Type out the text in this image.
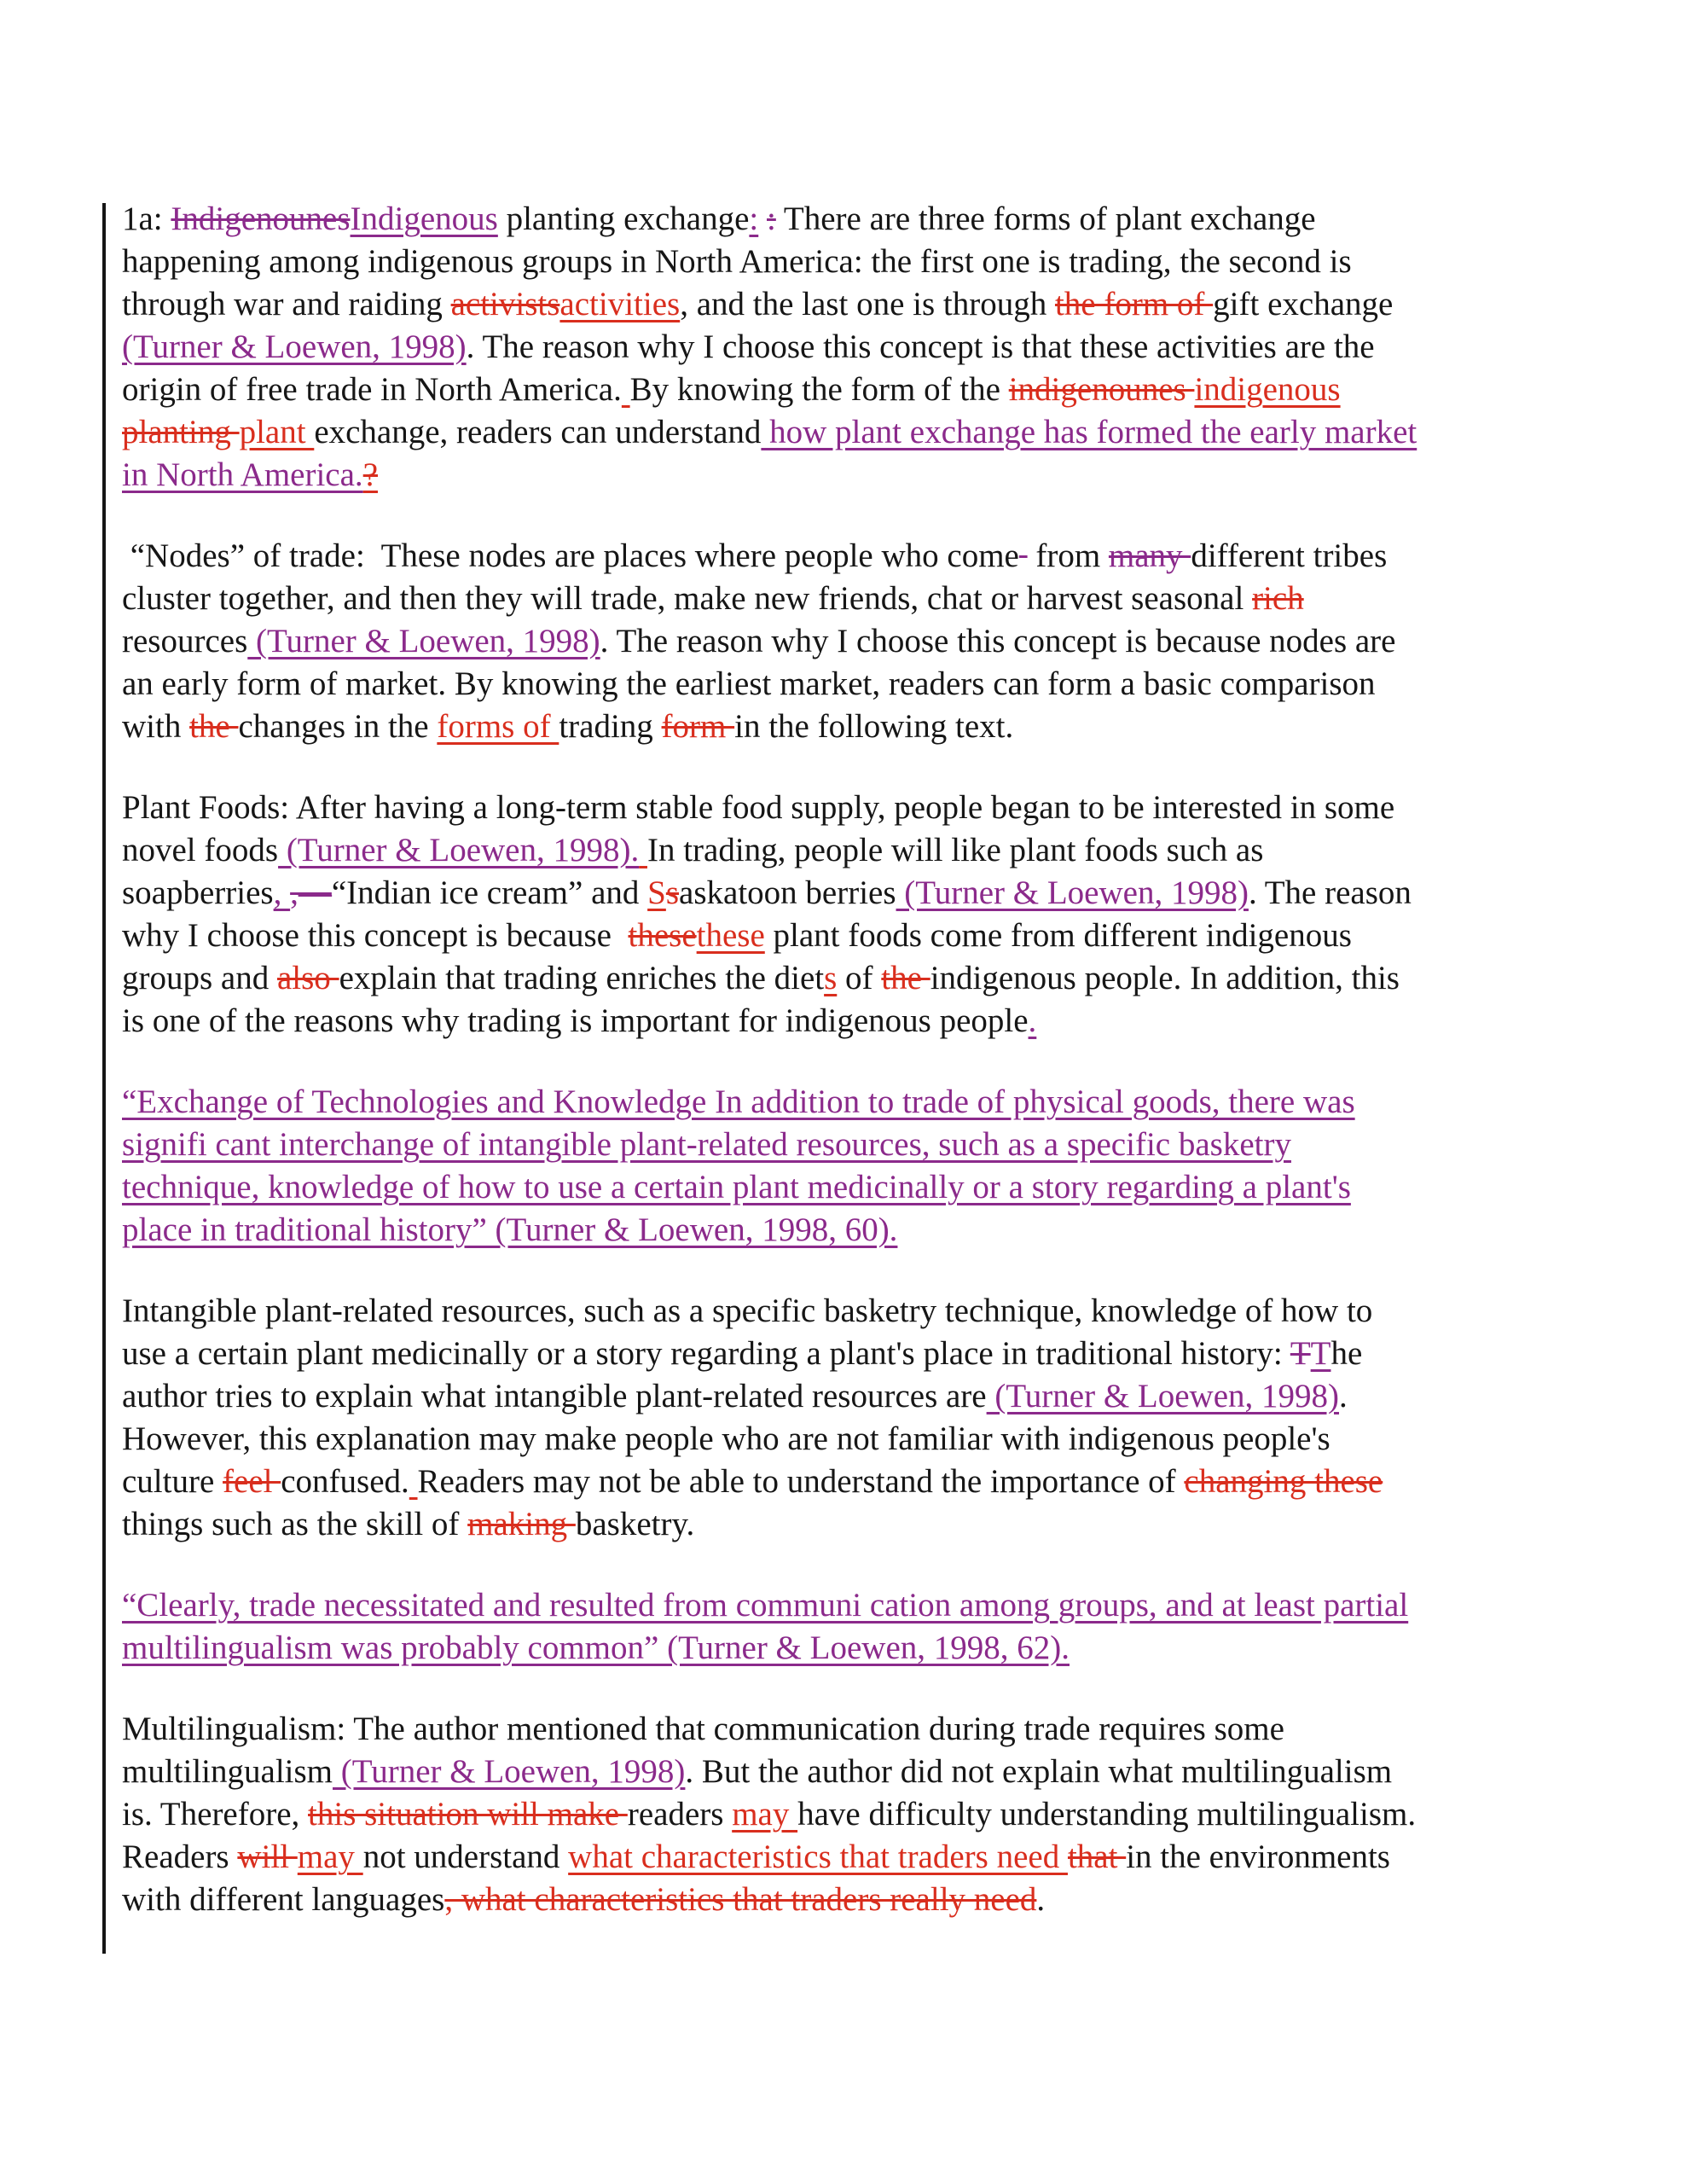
1a: IndigenounesIndigenous planting exchange: : There are three forms of plant exchange
happening among indigenous groups in North America: the first one is trading, the second is
through war and raiding activistsactivities, and the last one is through the form of gift exchange
(Turner & Loewen, 1998). The reason why I choose this concept is that these activities are the
origin of free trade in North America. By knowing the form of the indigenounes indigenous
planting plant exchange, readers can understand how plant exchange has formed the early market
in North America.?

“Nodes” of trade:  These nodes are places where people who come  from many different tribes
cluster together, and then they will trade, make new friends, chat or harvest seasonal rich
resources (Turner & Loewen, 1998). The reason why I choose this concept is because nodes are
an early form of market. By knowing the earliest market, readers can form a basic comparison
with the changes in the forms of trading form in the following text.

Plant Foods: After having a long-term stable food supply, people began to be interested in some
novel foods (Turner & Loewen, 1998). In trading, people will like plant foods such as
soapberries, ,—“Indian ice cream” and Ssaskatoon berries (Turner & Loewen, 1998). The reason
why I choose this concept is because  thesethese plant foods come from different indigenous
groups and also explain that trading enriches the diets of the indigenous people. In addition, this
is one of the reasons why trading is important for indigenous people.

“Exchange of Technologies and Knowledge In addition to trade of physical goods, there was
signifi cant interchange of intangible plant-related resources, such as a specific basketry
technique, knowledge of how to use a certain plant medicinally or a story regarding a plant's
place in traditional history” (Turner & Loewen, 1998, 60).

Intangible plant-related resources, such as a specific basketry technique, knowledge of how to
use a certain plant medicinally or a story regarding a plant's place in traditional history: TThe
author tries to explain what intangible plant-related resources are (Turner & Loewen, 1998).
However, this explanation may make people who are not familiar with indigenous people's
culture feel confused. Readers may not be able to understand the importance of changing these
things such as the skill of making basketry.

“Clearly, trade necessitated and resulted from communi cation among groups, and at least partial
multilingualism was probably common” (Turner & Loewen, 1998, 62).

Multilingualism: The author mentioned that communication during trade requires some
multilingualism (Turner & Loewen, 1998). But the author did not explain what multilingualism
is. Therefore, this situation will make readers may have difficulty understanding multilingualism.
Readers will may not understand what characteristics that traders need that in the environments
with different languages, what characteristics that traders really need.
